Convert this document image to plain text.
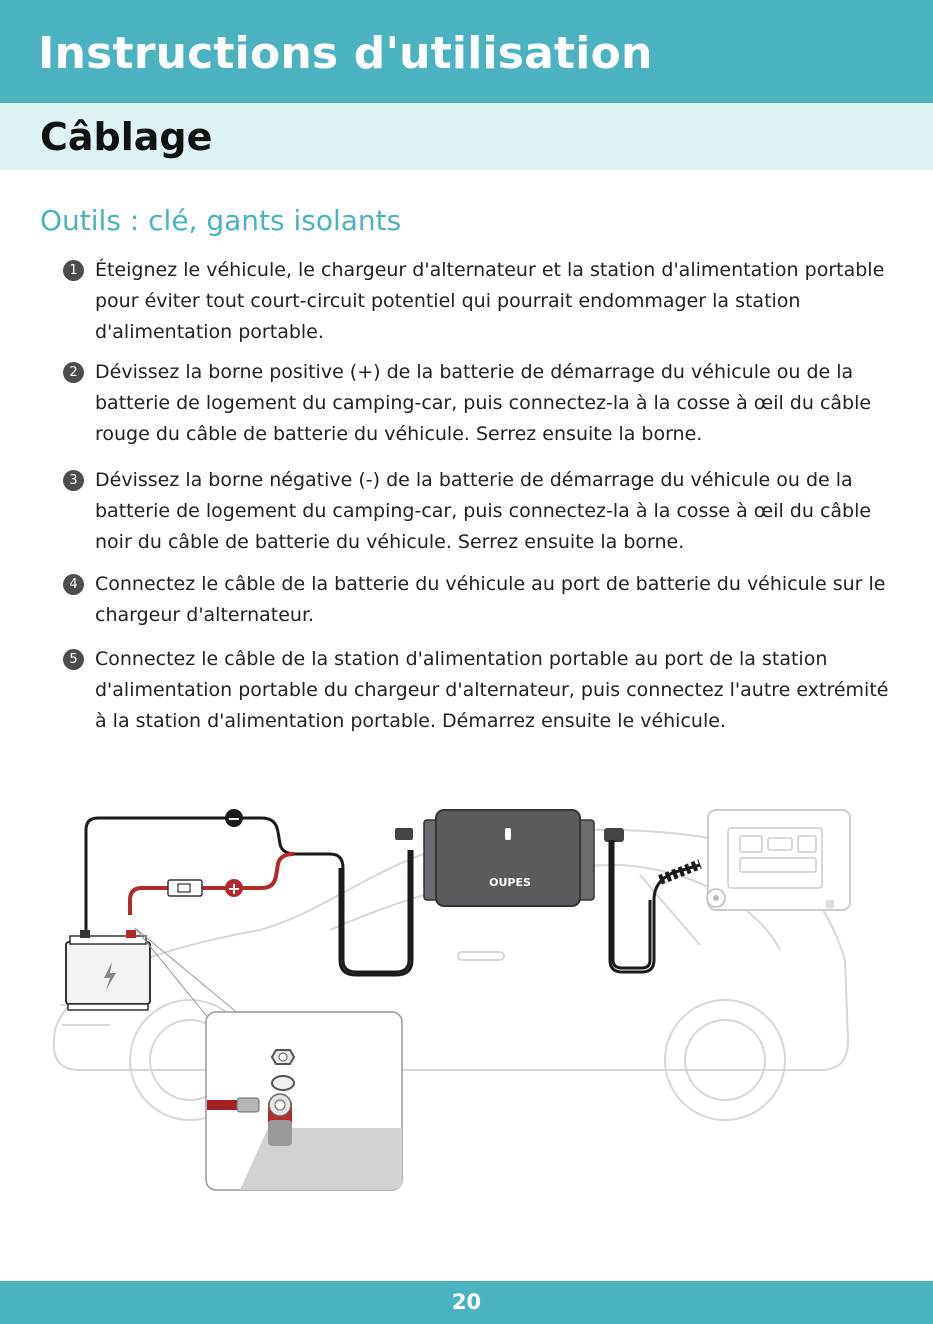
Instructions d'utilisation
Câblage
Outils : clé, gants isolants
1 Éteignez le véhicule, le chargeur d'alternateur et la station d'alimentation portable pour éviter tout court-circuit potentiel qui pourrait endommager la station d'alimentation portable.
2 Dévissez la borne positive (+) de la batterie de démarrage du véhicule ou de la batterie de logement du camping-car, puis connectez-la à la cosse à œil du câble rouge du câble de batterie du véhicule. Serrez ensuite la borne.
3 Dévissez la borne négative (-) de la batterie de démarrage du véhicule ou de la batterie de logement du camping-car, puis connectez-la à la cosse à œil du câble noir du câble de batterie du véhicule. Serrez ensuite la borne.
4 Connectez le câble de la batterie du véhicule au port de batterie du véhicule sur le chargeur d'alternateur.
5 Connectez le câble de la station d'alimentation portable au port de la station d'alimentation portable du chargeur d'alternateur, puis connectez l'autre extrémité à la station d'alimentation portable. Démarrez ensuite le véhicule.
−
+	OUPES
20
